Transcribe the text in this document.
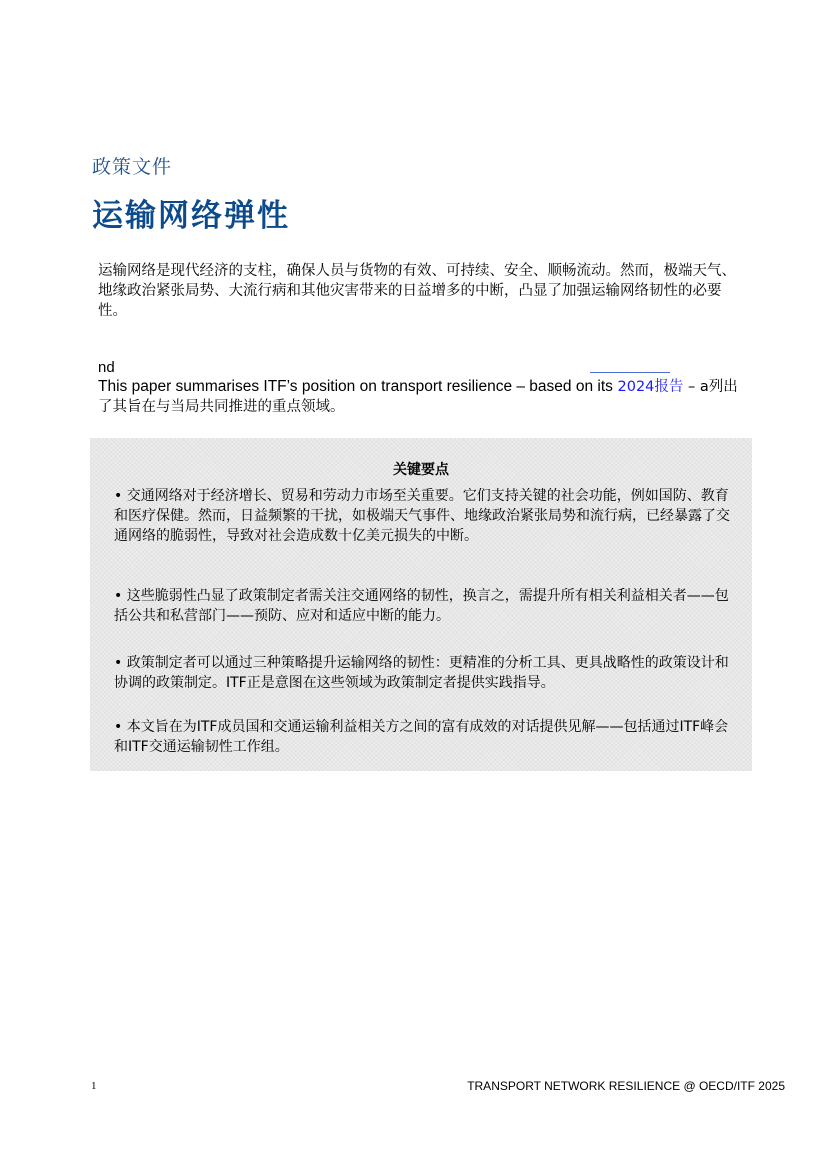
政策文件
运输网络弹性
运输网络是现代经济的支柱，确保人员与货物的有效、可持续、安全、顺畅流动。然而，极端天气、地缘政治紧张局势、大流行病和其他灾害带来的日益增多的中断，凸显了加强运输网络韧性的必要性。
nd
This paper summarises ITF’s position on transport resilience – based on its 2024报告 – a列出了其旨在与当局共同推进的重点领域。
关键要点
• 交通网络对于经济增长、贸易和劳动力市场至关重要。它们支持关键的社会功能，例如国防、教育和医疗保健。然而，日益频繁的干扰，如极端天气事件、地缘政治紧张局势和流行病，已经暴露了交通网络的脆弱性，导致对社会造成数十亿美元损失的中断。
• 这些脆弱性凸显了政策制定者需关注交通网络的韧性，换言之，需提升所有相关利益相关者——包括公共和私营部门——预防、应对和适应中断的能力。
• 政策制定者可以通过三种策略提升运输网络的韧性：更精准的分析工具、更具战略性的政策设计和协调的政策制定。ITF正是意图在这些领域为政策制定者提供实践指导。
• 本文旨在为ITF成员国和交通运输利益相关方之间的富有成效的对话提供见解——包括通过ITF峰会和ITF交通运输韧性工作组。
1	TRANSPORT NETWORK RESILIENCE @ OECD/ITF 2025
